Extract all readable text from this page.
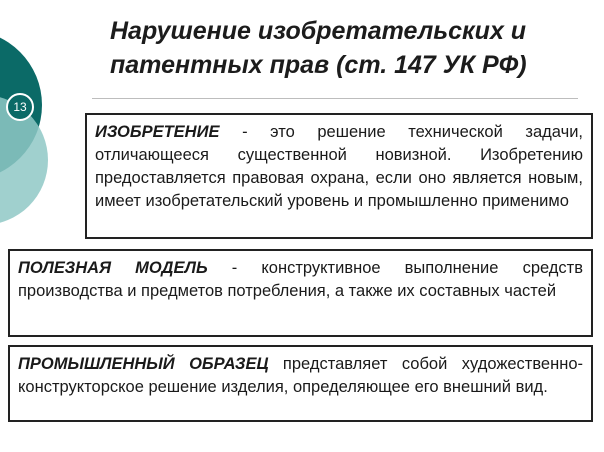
13
Нарушение изобретательских и патентных прав (ст. 147 УК РФ)
ИЗОБРЕТЕНИЕ - это решение технической задачи, отличающееся существенной новизной. Изобретению предоставляется правовая охрана, если оно является новым, имеет изобретательский уровень и промышленно применимо
ПОЛЕЗНАЯ МОДЕЛЬ - конструктивное выполнение средств производства и предметов потребления, а также их составных частей
ПРОМЫШЛЕННЫЙ ОБРАЗЕЦ представляет собой художественно-конструкторское решение изделия, определяющее его внешний вид.
